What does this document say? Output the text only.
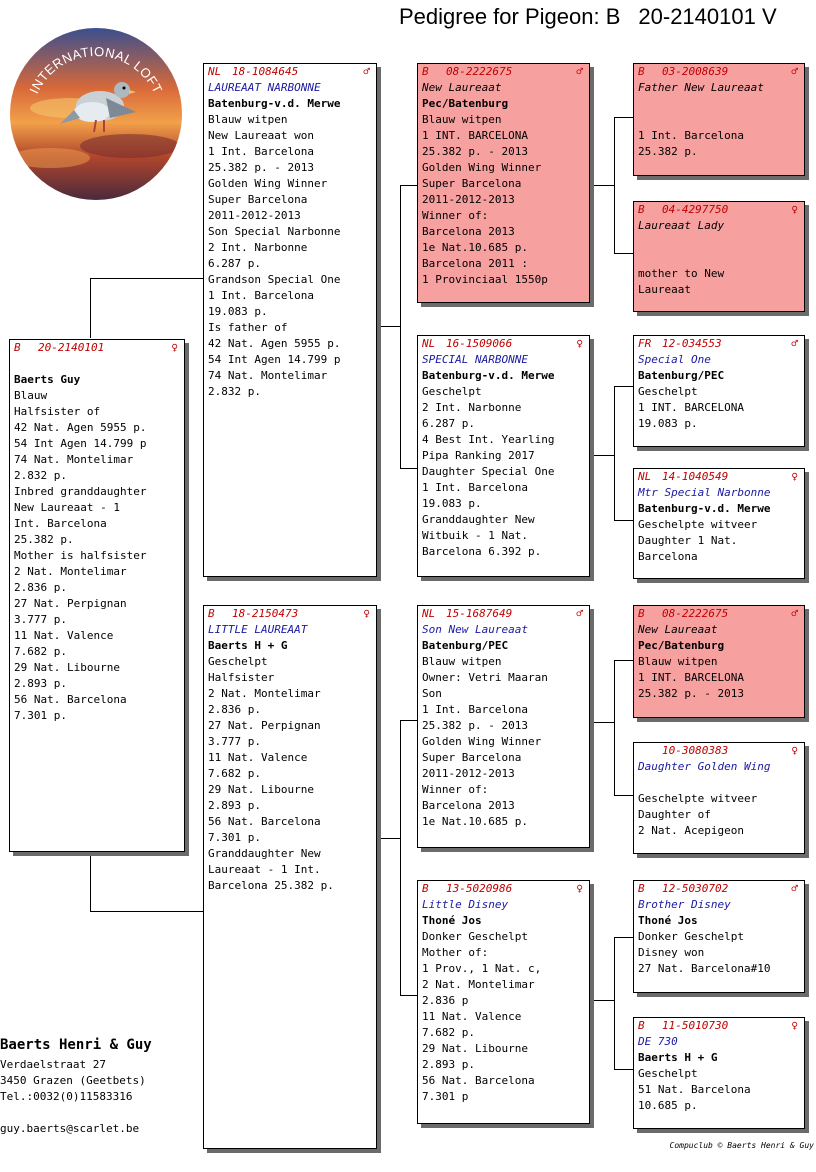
Pedigree for Pigeon: B 20-2140101 V
INTERNATIONAL LOFT
B 20-2140101	♀
Baerts Guy
Blauw
Halfsister of
42 Nat. Agen 5955 p.
54 Int Agen 14.799 p
74 Nat. Montelimar
2.832 p.
Inbred granddaughter
New Laureaat - 1
Int. Barcelona
25.382 p.
Mother is halfsister
2 Nat. Montelimar
2.836 p.
27 Nat. Perpignan
3.777 p.
11 Nat. Valence
7.682 p.
29 Nat. Libourne
2.893 p.
56 Nat. Barcelona
7.301 p.
NL 18-1084645	♂
LAUREAAT NARBONNE
Batenburg-v.d. Merwe
Blauw witpen
New Laureaat won
1 Int. Barcelona
25.382 p. - 2013
Golden Wing Winner
Super Barcelona
2011-2012-2013
Son Special Narbonne
2 Int. Narbonne
6.287 p.
Grandson Special One
1 Int. Barcelona
19.083 p.
Is father of
42 Nat. Agen 5955 p.
54 Int Agen 14.799 p
74 Nat. Montelimar
2.832 p.
B 18-2150473	♀
LITTLE LAUREAAT
Baerts H + G
Geschelpt
Halfsister
2 Nat. Montelimar
2.836 p.
27 Nat. Perpignan
3.777 p.
11 Nat. Valence
7.682 p.
29 Nat. Libourne
2.893 p.
56 Nat. Barcelona
7.301 p.
Granddaughter New
Laureaat - 1 Int.
Barcelona 25.382 p.
B 08-2222675	♂
New Laureaat
Pec/Batenburg
Blauw witpen
1 INT. BARCELONA
25.382 p. - 2013
Golden Wing Winner
Super Barcelona
2011-2012-2013
Winner of:
Barcelona 2013
1e Nat.10.685 p.
Barcelona 2011 :
1 Provinciaal 1550p
NL 16-1509066	♀
SPECIAL NARBONNE
Batenburg-v.d. Merwe
Geschelpt
2 Int. Narbonne
6.287 p.
4 Best Int. Yearling
Pipa Ranking 2017
Daughter Special One
1 Int. Barcelona
19.083 p.
Granddaughter New
Witbuik - 1 Nat.
Barcelona 6.392 p.
NL 15-1687649	♂
Son New Laureaat
Batenburg/PEC
Blauw witpen
Owner: Vetri Maaran
Son
1 Int. Barcelona
25.382 p. - 2013
Golden Wing Winner
Super Barcelona
2011-2012-2013
Winner of:
Barcelona 2013
1e Nat.10.685 p.
B 13-5020986	♀
Little Disney
Thoné Jos
Donker Geschelpt
Mother of:
1 Prov., 1 Nat. c,
2 Nat. Montelimar
2.836 p
11 Nat. Valence
7.682 p.
29 Nat. Libourne
2.893 p.
56 Nat. Barcelona
7.301 p
B 03-2008639	♂
Father New Laureaat
1 Int. Barcelona
25.382 p.
B 04-4297750	♀
Laureaat Lady
mother to New
Laureaat
FR 12-034553	♂
Special One
Batenburg/PEC
Geschelpt
1 INT. BARCELONA
19.083 p.
NL 14-1040549	♀
Mtr Special Narbonne
Batenburg-v.d. Merwe
Geschelpte witveer
Daughter 1 Nat.
Barcelona
B 08-2222675	♂
New Laureaat
Pec/Batenburg
Blauw witpen
1 INT. BARCELONA
25.382 p. - 2013
10-3080383	♀
Daughter Golden Wing
Geschelpte witveer
Daughter of
2 Nat. Acepigeon
B 12-5030702	♂
Brother Disney
Thoné Jos
Donker Geschelpt
Disney won
27 Nat. Barcelona#10
B 11-5010730	♀
DE 730
Baerts H + G
Geschelpt
51 Nat. Barcelona
10.685 p.
Baerts Henri & Guy
Verdaelstraat 27
3450 Grazen (Geetbets)
Tel.:0032(0)11583316
guy.baerts@scarlet.be
Compuclub © Baerts Henri & Guy
